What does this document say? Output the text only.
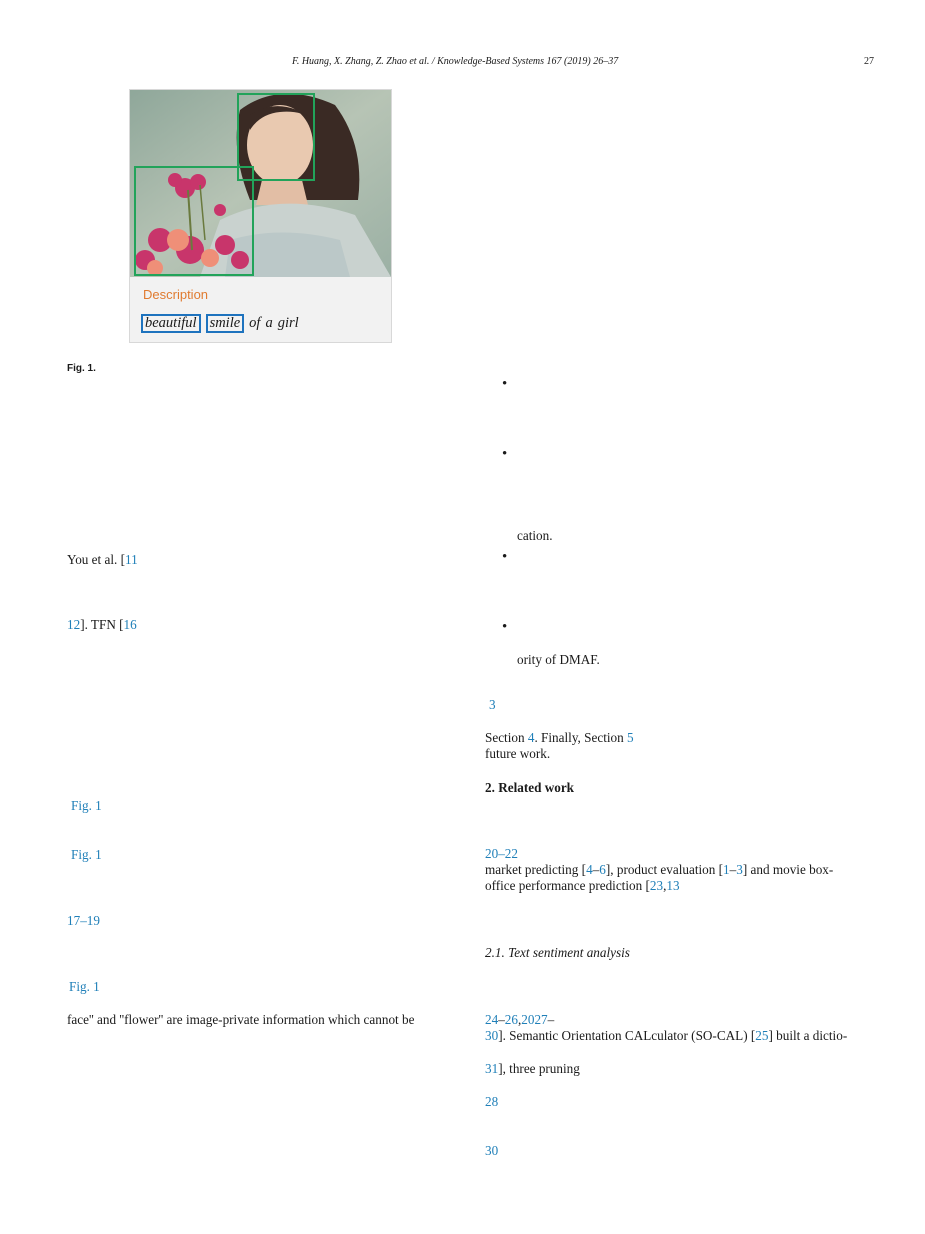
F. Huang, X. Zhang, Z. Zhao et al. / Knowledge-Based Systems 167 (2019) 26–37	27
Description
beautiful smile of a girl
Fig. 1.
You et al. [11
12]. TFN [16
Fig. 1
Fig. 1
17–19
Fig. 1
face'' and ''flower'' are image-private information which cannot be
•
•
cation.
•
•
ority of DMAF.
3
Section 4. Finally, Section 5
future work.
2. Related work
20–22
market predicting [4–6], product evaluation [1–3] and movie box-
office performance prediction [23,13
2.1. Text sentiment analysis
24–26,2027–
30]. Semantic Orientation CALculator (SO-CAL) [25] built a dictio-
31], three pruning
28
30
